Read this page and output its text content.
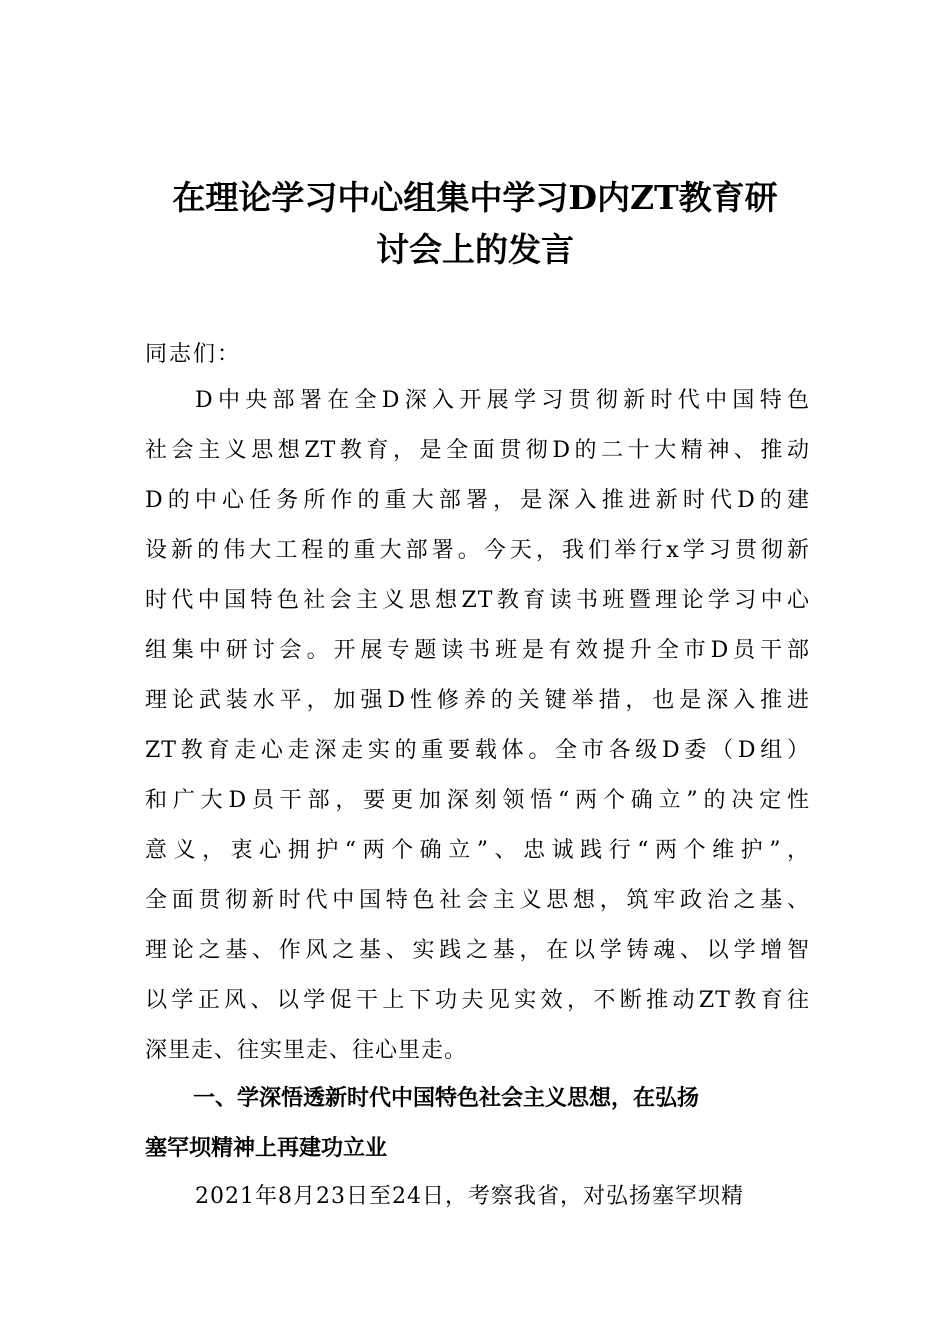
在理论学习中心组集中学习D内ZT教育研
讨会上的发言
同志们：
D中央部署在全D深入开展学习贯彻新时代中国特色
社会主义思想ZT教育，是全面贯彻D的二十大精神、推动
D的中心任务所作的重大部署，是深入推进新时代D的建
设新的伟大工程的重大部署。今天，我们举行x学习贯彻新
时代中国特色社会主义思想ZT教育读书班暨理论学习中心
组集中研讨会。开展专题读书班是有效提升全市D员干部
理论武装水平，加强D性修养的关键举措，也是深入推进
ZT教育走心走深走实的重要载体。全市各级D委（D组）
和广大D员干部，要更加深刻领悟“两个确立”的决定性
意义，衷心拥护“两个确立”、忠诚践行“两个维护”，
全面贯彻新时代中国特色社会主义思想，筑牢政治之基、
理论之基、作风之基、实践之基，在以学铸魂、以学增智
以学正风、以学促干上下功夫见实效，不断推动ZT教育往
深里走、往实里走、往心里走。
一、学深悟透新时代中国特色社会主义思想，在弘扬
塞罕坝精神上再建功立业
2021年8月23日至24日，考察我省，对弘扬塞罕坝精
